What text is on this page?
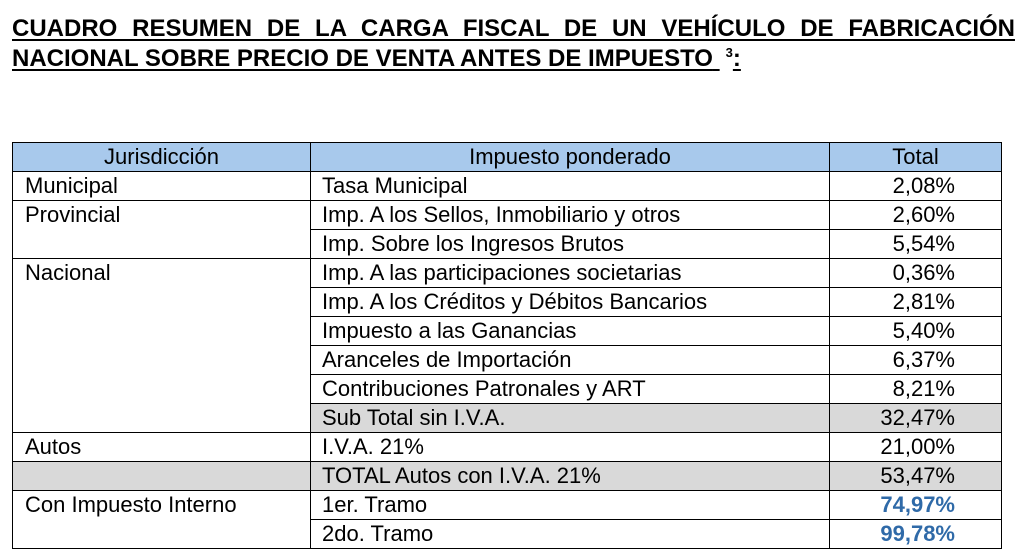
CUADRO RESUMEN DE LA CARGA FISCAL DE UN VEHÍCULO DE FABRICACIÓN
NACIONAL SOBRE PRECIO DE VENTA ANTES DE IMPUESTO $^3$:
Jurisdicción	Impuesto ponderado	Total
Municipal	Tasa Municipal	2,08%
Provincial	Imp. A los Sellos, Inmobiliario y otros	2,60%
	Imp. Sobre los Ingresos Brutos	5,54%
Nacional	Imp. A las participaciones societarias	0,36%
	Imp. A los Créditos y Débitos Bancarios	2,81%
	Impuesto a las Ganancias	5,40%
	Aranceles de Importación	6,37%
	Contribuciones Patronales y ART	8,21%
	Sub Total sin I.V.A.	32,47%
Autos	I.V.A. 21%	21,00%
	TOTAL Autos con I.V.A. 21%	53,47%
Con Impuesto Interno	1er. Tramo	74,97%
	2do. Tramo	99,78%
